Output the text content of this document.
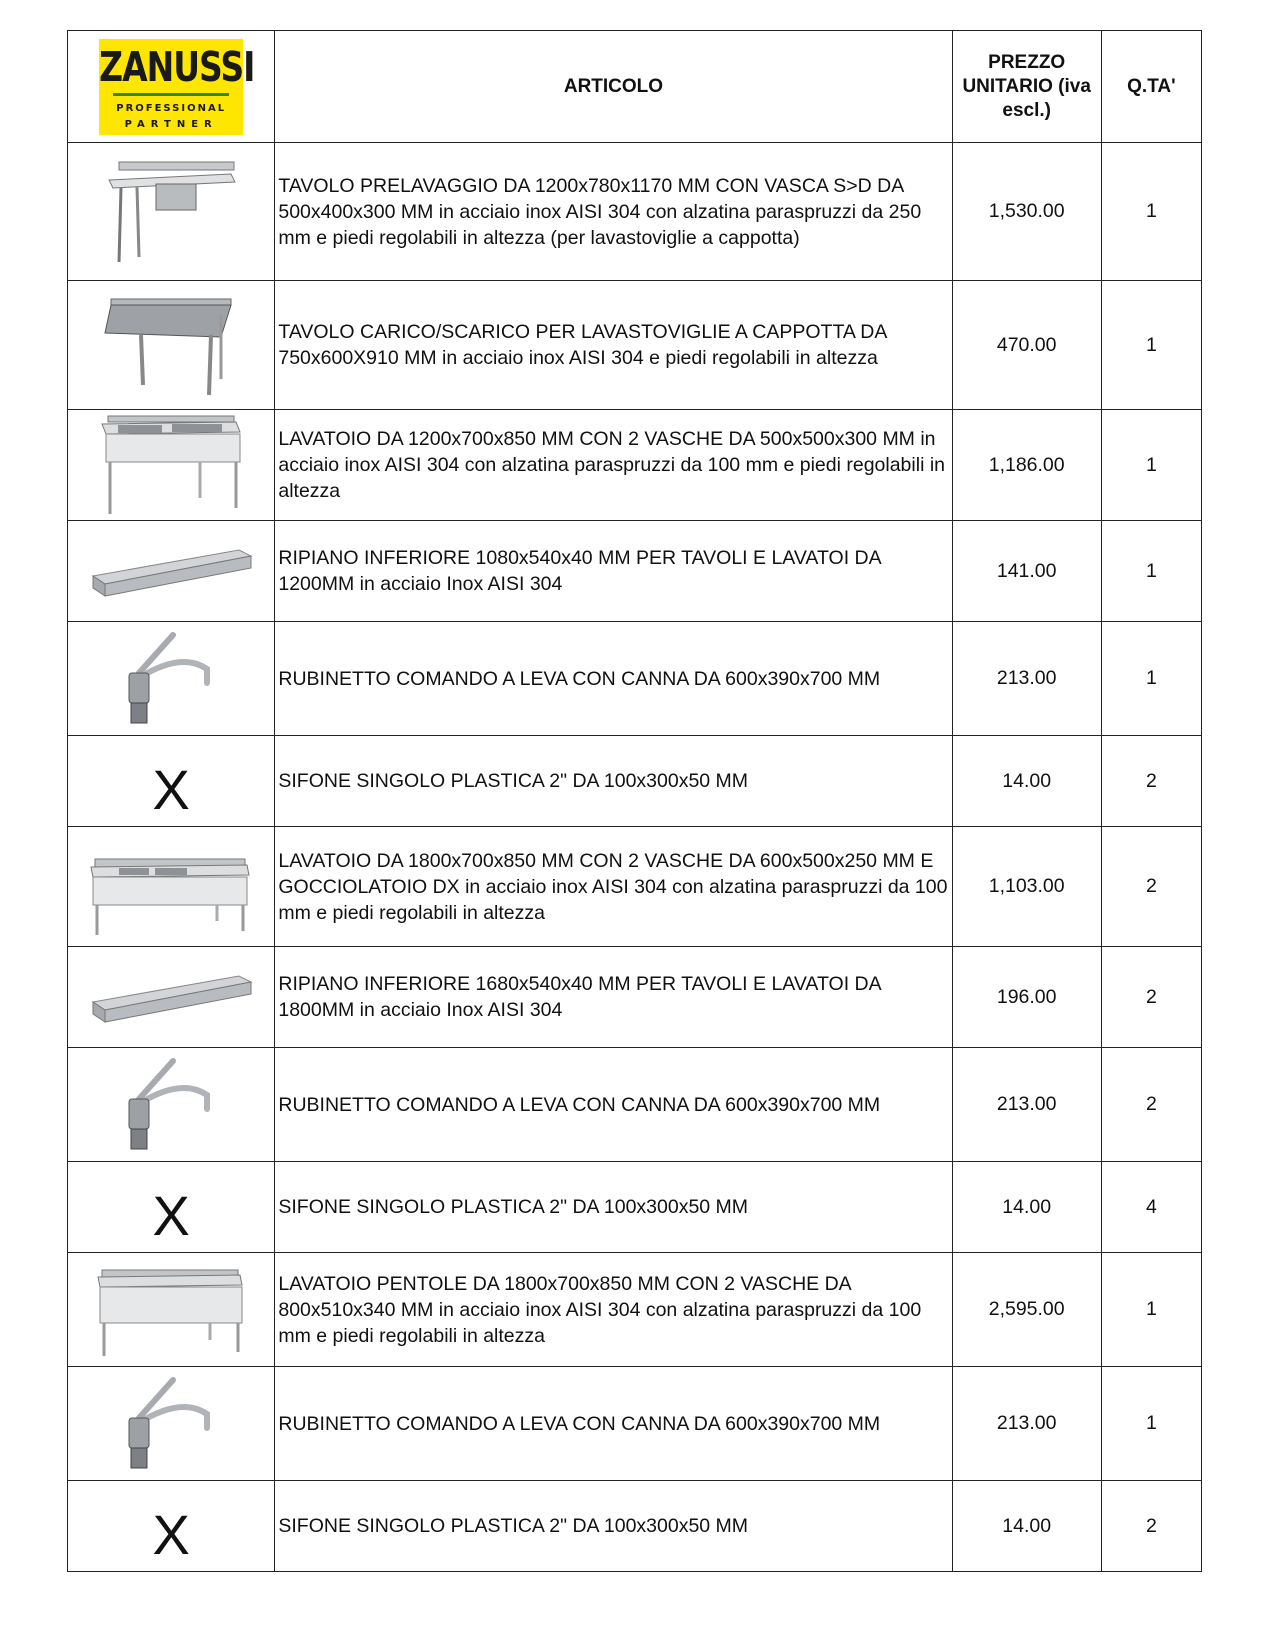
ZANUSSI
PROFESSIONAL
PARTNER	ARTICOLO	PREZZO UNITARIO (iva escl.)	Q.TA'
	TAVOLO PRELAVAGGIO DA 1200x780x1170 MM CON VASCA S>D DA 500x400x300 MM in acciaio inox AISI 304 con alzatina paraspruzzi da 250 mm e piedi regolabili in altezza (per lavastoviglie a cappotta)	1,530.00	1
	TAVOLO CARICO/SCARICO PER LAVASTOVIGLIE A CAPPOTTA DA 750x600X910 MM in acciaio inox AISI 304 e piedi regolabili in altezza	470.00	1
	LAVATOIO DA 1200x700x850 MM CON 2 VASCHE DA 500x500x300 MM in acciaio inox AISI 304 con alzatina paraspruzzi da 100 mm e piedi regolabili in altezza	1,186.00	1
	RIPIANO INFERIORE 1080x540x40 MM PER TAVOLI E LAVATOI DA 1200MM in acciaio Inox AISI 304	141.00	1
	RUBINETTO COMANDO A LEVA CON CANNA DA 600x390x700 MM	213.00	1
X	SIFONE SINGOLO PLASTICA 2" DA 100x300x50 MM	14.00	2
	LAVATOIO DA 1800x700x850 MM CON 2 VASCHE DA 600x500x250 MM E GOCCIOLATOIO DX in acciaio inox AISI 304 con alzatina paraspruzzi da 100 mm e piedi regolabili in altezza	1,103.00	2
	RIPIANO INFERIORE 1680x540x40 MM PER TAVOLI E LAVATOI DA 1800MM in acciaio Inox AISI 304	196.00	2
	RUBINETTO COMANDO A LEVA CON CANNA DA 600x390x700 MM	213.00	2
X	SIFONE SINGOLO PLASTICA 2" DA 100x300x50 MM	14.00	4
	LAVATOIO PENTOLE DA 1800x700x850 MM CON 2 VASCHE DA 800x510x340 MM in acciaio inox AISI 304 con alzatina paraspruzzi da 100 mm e piedi regolabili in altezza	2,595.00	1
	RUBINETTO COMANDO A LEVA CON CANNA DA 600x390x700 MM	213.00	1
X	SIFONE SINGOLO PLASTICA 2" DA 100x300x50 MM	14.00	2
